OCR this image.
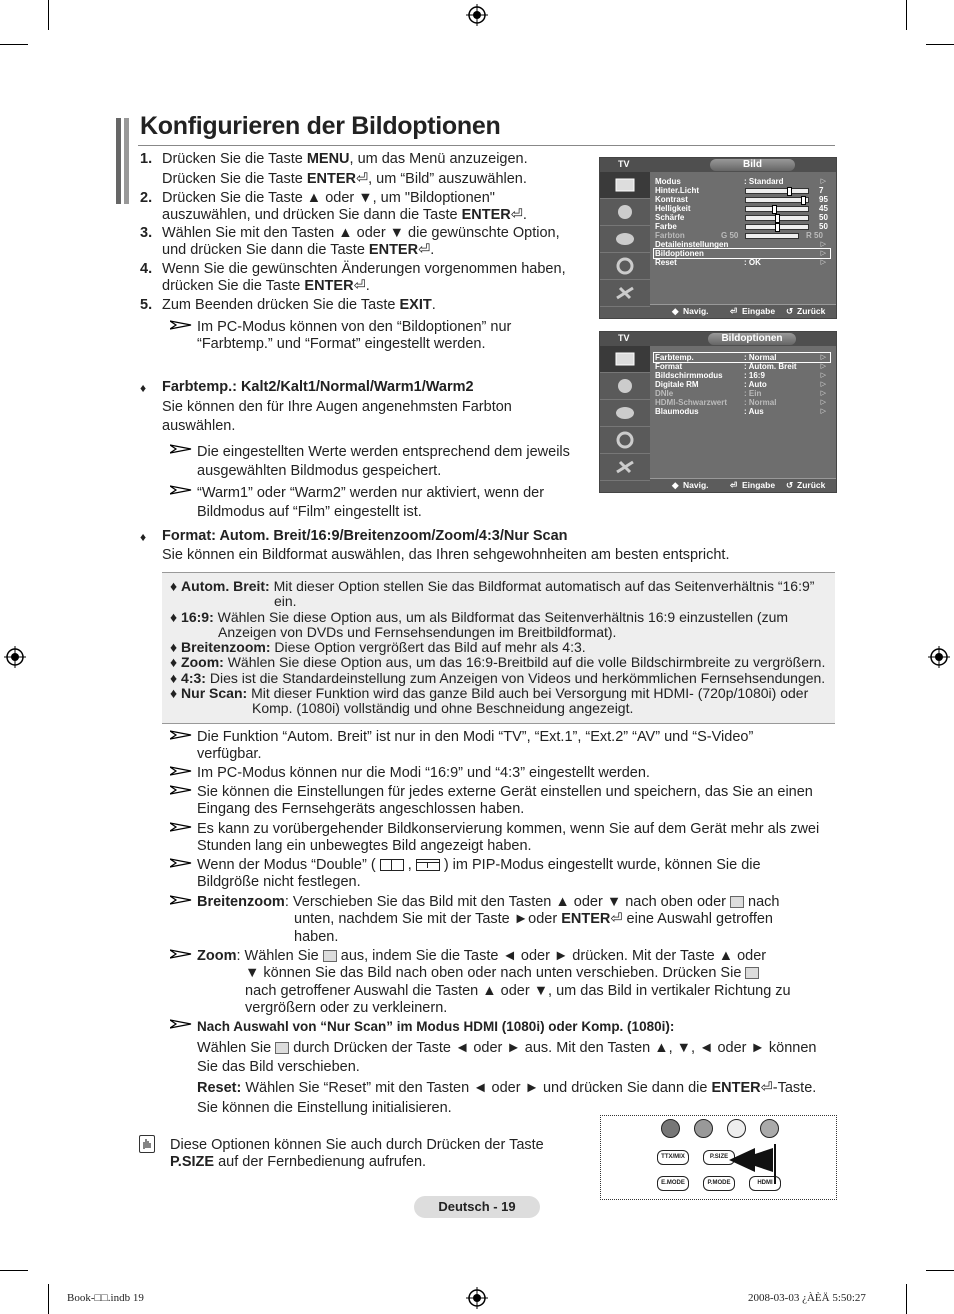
Konfigurieren der Bildoptionen
1. Drücken Sie die Taste MENU, um das Menü anzuzeigen.
Drücken Sie die Taste ENTER⏎, um “Bild” auszuwählen.
2. Drücken Sie die Taste ▲ oder ▼, um "Bildoptionen"
auszuwählen, und drücken Sie dann die Taste ENTER⏎.
3. Wählen Sie mit den Tasten ▲ oder ▼ die gewünschte Option,
und drücken Sie dann die Taste ENTER⏎.
4. Wenn Sie die gewünschten Änderungen vorgenommen haben,
drücken Sie die Taste ENTER⏎.
5. Zum Beenden drücken Sie die Taste EXIT.
Im PC-Modus können von den “Bildoptionen” nur
“Farbtemp.” und “Format” eingestellt werden.
♦ Farbtemp.: Kalt2/Kalt1/Normal/Warm1/Warm2
Sie können den für Ihre Augen angenehmsten Farbton
auswählen.
Die eingestellten Werte werden entsprechend dem jeweils
ausgewählten Bildmodus gespeichert.
“Warm1” oder “Warm2” werden nur aktiviert, wenn der
Bildmodus auf “Film” eingestellt ist.
♦ Format: Autom. Breit/16:9/Breitenzoom/Zoom/4:3/Nur Scan
Sie können ein Bildformat auswählen, das Ihren sehgewohnheiten am besten entspricht.
♦ Autom. Breit: Mit dieser Option stellen Sie das Bildformat automatisch auf das Seitenverhältnis “16:9”
ein.
♦ 16:9: Wählen Sie diese Option aus, um als Bildformat das Seitenverhältnis 16:9 einzustellen (zum
Anzeigen von DVDs und Fernsehsendungen im Breitbildformat).
♦ Breitenzoom: Diese Option vergrößert das Bild auf mehr als 4:3.
♦ Zoom: Wählen Sie diese Option aus, um das 16:9-Breitbild auf die volle Bildschirmbreite zu vergrößern.
♦ 4:3: Dies ist die Standardeinstellung zum Anzeigen von Videos und herkömmlichen Fernsehsendungen.
♦ Nur Scan: Mit dieser Funktion wird das ganze Bild auch bei Versorgung mit HDMI- (720p/1080i) oder
Komp. (1080i) vollständig und ohne Beschneidung angezeigt.
Die Funktion “Autom. Breit” ist nur in den Modi “TV”, “Ext.1”, “Ext.2” “AV” und “S-Video”
verfügbar.
Im PC-Modus können nur die Modi “16:9” und “4:3” eingestellt werden.
Sie können die Einstellungen für jedes externe Gerät einstellen und speichern, das Sie an einen
Eingang des Fernsehgeräts angeschlossen haben.
Es kann zu vorübergehender Bildkonservierung kommen, wenn Sie auf dem Gerät mehr als zwei
Stunden lang ein unbewegtes Bild angezeigt haben.
Wenn der Modus “Double” ( , ) im PIP-Modus eingestellt wurde, können Sie die
Bildgröße nicht festlegen.
Breitenzoom: Verschieben Sie das Bild mit den Tasten ▲ oder ▼ nach oben oder nach
unten, nachdem Sie mit der Taste ►oder ENTER⏎ eine Auswahl getroffen
haben.
Zoom: Wählen Sie aus, indem Sie die Taste ◄ oder ► drücken. Mit der Taste ▲ oder
▼ können Sie das Bild nach oben oder nach unten verschieben. Drücken Sie
nach getroffener Auswahl die Tasten ▲ oder ▼, um das Bild in vertikaler Richtung zu
vergrößern oder zu verkleinern.
Nach Auswahl von “Nur Scan” im Modus HDMI (1080i) oder Komp. (1080i):
Wählen Sie durch Drücken der Taste ◄ oder ► aus. Mit den Tasten ▲, ▼, ◄ oder ► können
Sie das Bild verschieben.
Reset: Wählen Sie “Reset” mit den Tasten ◄ oder ► und drücken Sie dann die ENTER⏎-Taste.
Sie können die Einstellung initialisieren.
Diese Optionen können Sie auch durch Drücken der Taste
P.SIZE auf der Fernbedienung aufrufen.
TV	Bild
Modus	: Standard	▷
Hinter.Licht	7
Kontrast	95
Helligkeit	45
Schärfe	50
Farbe	50
Farbton	G 50	R 50
Detaileinstellungen	▷
Bildoptionen	▷
Reset	: OK	▷
◆ Navig.	⏎ Eingabe ↺ Zurück
TV	Bildoptionen
Farbtemp.	: Normal	▷
Format	: Autom. Breit	▷
Bildschirmmodus	: 16:9	▷
Digitale RM	: Auto	▷
DNIe	: Ein	▷
HDMI-Schwarzwert : Normal	▷
Blaumodus	: Aus	▷
◆ Navig.	⏎ Eingabe ↺ Zurück
TTX/MIX	P.SIZE
E.MODE	P.MODE	HDMI
Deutsch - 19
Book-□□.indb 19	2008-03-03 ¿ÀÈÄ 5:50:27
